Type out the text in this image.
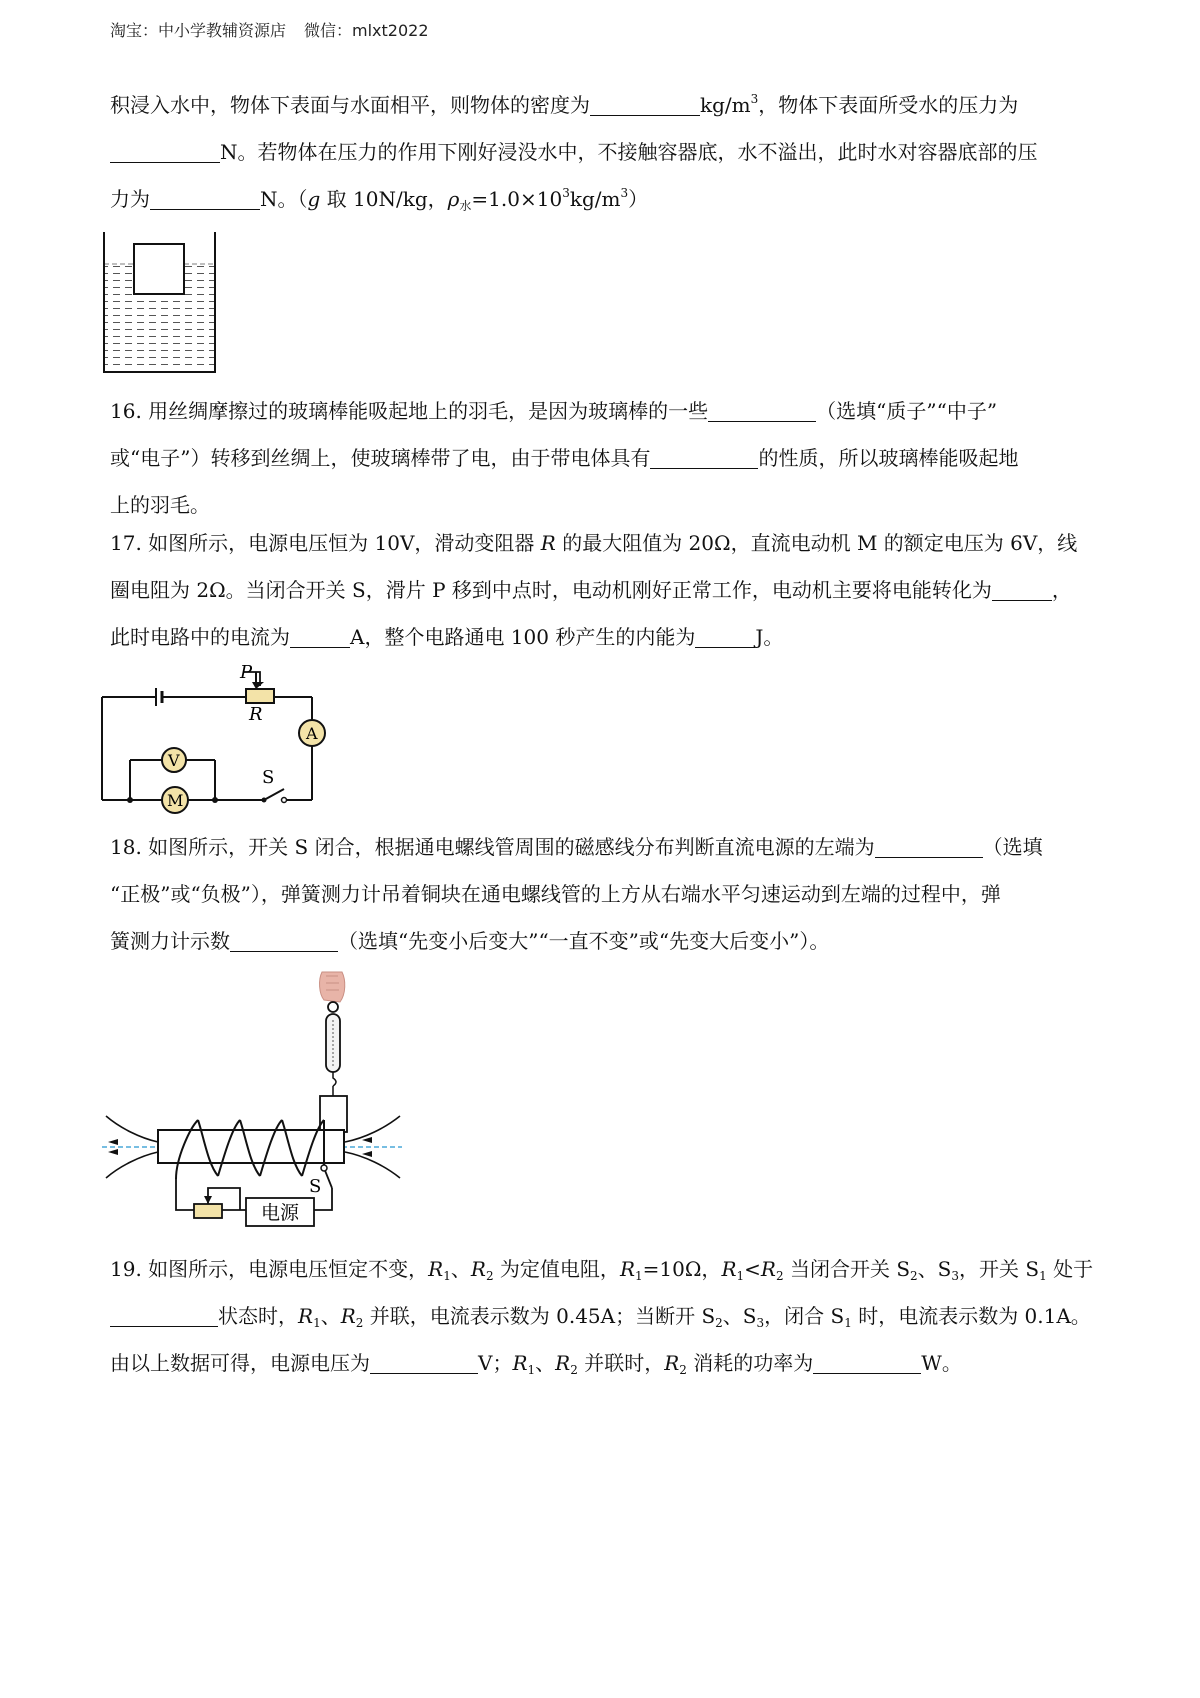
淘宝：中小学教辅资源店 微信：mlxt2022
积浸入水中，物体下表面与水面相平，则物体的密度为	$kg/m^3$，物体下表面所受水的压力为
N。若物体在压力的作用下刚好浸没水中，不接触容器底，水不溢出，此时水对容器底部的压
力为	N。（g 取 10N/kg，$\rho_水=1.0\times 10^3kg/m^3$）
16. 用丝绸摩擦过的玻璃棒能吸起地上的羽毛，是因为玻璃棒的一些	（选填“质子”“中子”
或“电子”）转移到丝绸上，使玻璃棒带了电，由于带电体具有	的性质，所以玻璃棒能吸起地
上的羽毛。
17. 如图所示，电源电压恒为 10V，滑动变阻器 R 的最大阻值为 20Ω，直流电动机 M 的额定电压为 6V，线
圈电阻为 2Ω。当闭合开关 S，滑片 P 移到中点时，电动机刚好正常工作，电动机主要将电能转化为	，
此时电路中的电流为	A，整个电路通电 100 秒产生的内能为	J。
P
R
A
V
M
S
18. 如图所示，开关 S 闭合，根据通电螺线管周围的磁感线分布判断直流电源的左端为	（选填
“正极”或“负极”），弹簧测力计吊着铜块在通电螺线管的上方从右端水平匀速运动到左端的过程中，弹
簧测力计示数	（选填“先变小后变大”“一直不变”或“先变大后变小”）。
电源
S
19. 如图所示，电源电压恒定不变，$R_1$、$R_2$ 为定值电阻，$R_1=10\Omega$，$R_1<R_2$ 当闭合开关 $S_2$、$S_3$，开关 $S_1$ 处于
状态时，$R_1$、$R_2$ 并联，电流表示数为 0.45A；当断开 $S_2$、$S_3$，闭合 $S_1$ 时，电流表示数为 0.1A。
由以上数据可得，电源电压为	V；$R_1$、$R_2$ 并联时，$R_2$ 消耗的功率为	W。
